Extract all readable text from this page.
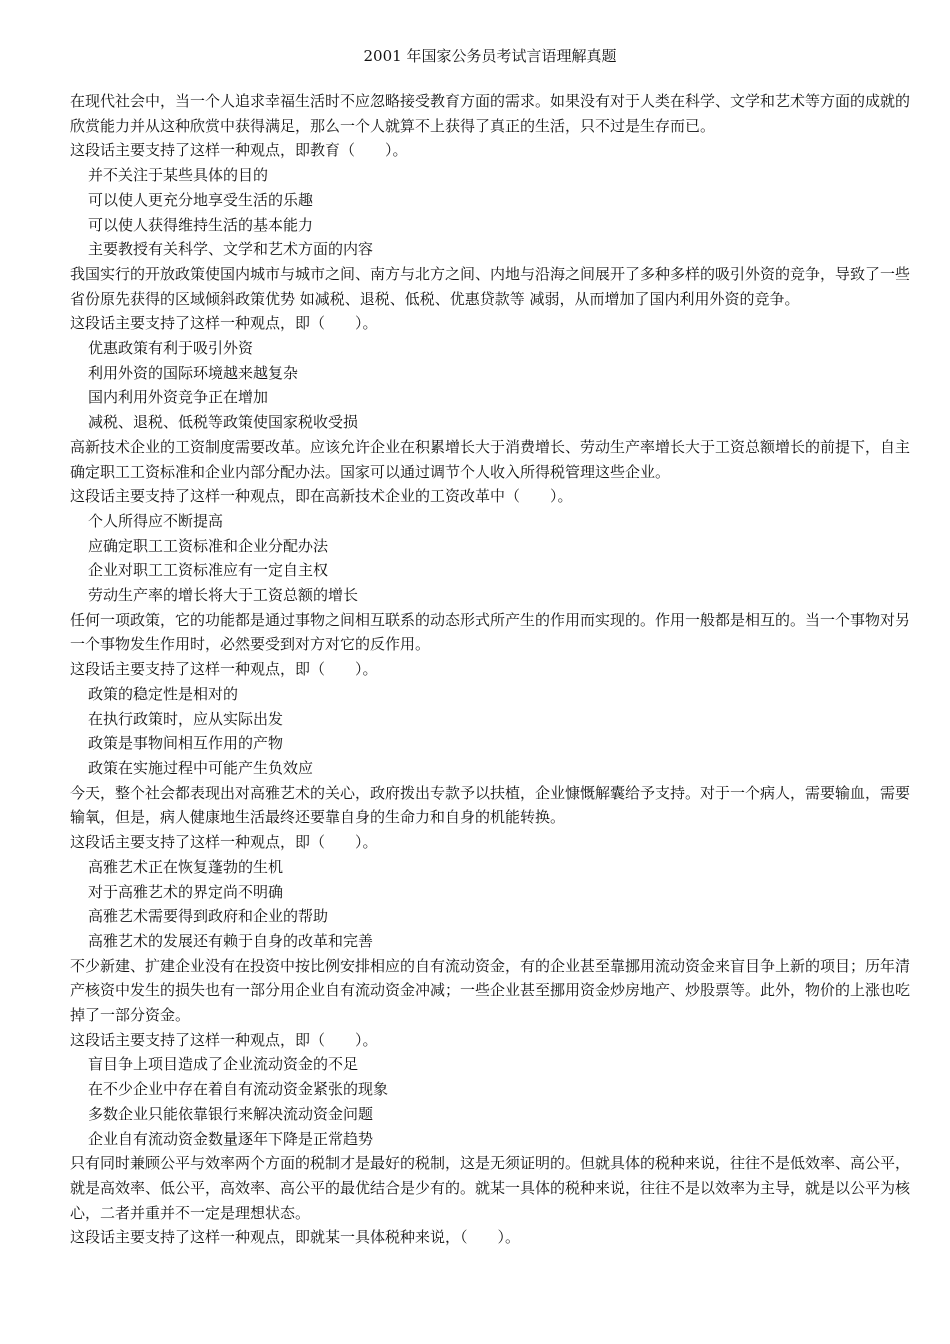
2001 年国家公务员考试言语理解真题

在现代社会中，当一个人追求幸福生活时不应忽略接受教育方面的需求。如果没有对于人类在科学、文学和艺术等方面的成就的欣赏能力并从这种欣赏中获得满足，那么一个人就算不上获得了真正的生活，只不过是生存而已。

这段话主要支持了这样一种观点，即教育（　　）。

并不关注于某些具体的目的

可以使人更充分地享受生活的乐趣

可以使人获得维持生活的基本能力

主要教授有关科学、文学和艺术方面的内容

我国实行的开放政策使国内城市与城市之间、南方与北方之间、内地与沿海之间展开了多种多样的吸引外资的竞争，导致了一些省份原先获得的区域倾斜政策优势 如减税、退税、低税、优惠贷款等 减弱，从而增加了国内利用外资的竞争。

这段话主要支持了这样一种观点，即（　　）。

优惠政策有利于吸引外资

利用外资的国际环境越来越复杂

国内利用外资竞争正在增加

减税、退税、低税等政策使国家税收受损

高新技术企业的工资制度需要改革。应该允许企业在积累增长大于消费增长、劳动生产率增长大于工资总额增长的前提下，自主确定职工工资标准和企业内部分配办法。国家可以通过调节个人收入所得税管理这些企业。

这段话主要支持了这样一种观点，即在高新技术企业的工资改革中（　　）。

个人所得应不断提高

应确定职工工资标准和企业分配办法

企业对职工工资标准应有一定自主权

劳动生产率的增长将大于工资总额的增长

任何一项政策，它的功能都是通过事物之间相互联系的动态形式所产生的作用而实现的。作用一般都是相互的。当一个事物对另一个事物发生作用时，必然要受到对方对它的反作用。

这段话主要支持了这样一种观点，即（　　）。

政策的稳定性是相对的

在执行政策时，应从实际出发

政策是事物间相互作用的产物

政策在实施过程中可能产生负效应

今天，整个社会都表现出对高雅艺术的关心，政府拨出专款予以扶植，企业慷慨解囊给予支持。对于一个病人，需要输血，需要输氧，但是，病人健康地生活最终还要靠自身的生命力和自身的机能转换。

这段话主要支持了这样一种观点，即（　　）。

高雅艺术正在恢复蓬勃的生机

对于高雅艺术的界定尚不明确

高雅艺术需要得到政府和企业的帮助

高雅艺术的发展还有赖于自身的改革和完善

不少新建、扩建企业没有在投资中按比例安排相应的自有流动资金，有的企业甚至靠挪用流动资金来盲目争上新的项目；历年清产核资中发生的损失也有一部分用企业自有流动资金冲减；一些企业甚至挪用资金炒房地产、炒股票等。此外，物价的上涨也吃掉了一部分资金。

这段话主要支持了这样一种观点，即（　　）。

盲目争上项目造成了企业流动资金的不足

在不少企业中存在着自有流动资金紧张的现象

多数企业只能依靠银行来解决流动资金问题

企业自有流动资金数量逐年下降是正常趋势

只有同时兼顾公平与效率两个方面的税制才是最好的税制，这是无须证明的。但就具体的税种来说，往往不是低效率、高公平，就是高效率、低公平，高效率、高公平的最优结合是少有的。就某一具体的税种来说，往往不是以效率为主导，就是以公平为核心，二者并重并不一定是理想状态。

这段话主要支持了这样一种观点，即就某一具体税种来说，（　　）。
